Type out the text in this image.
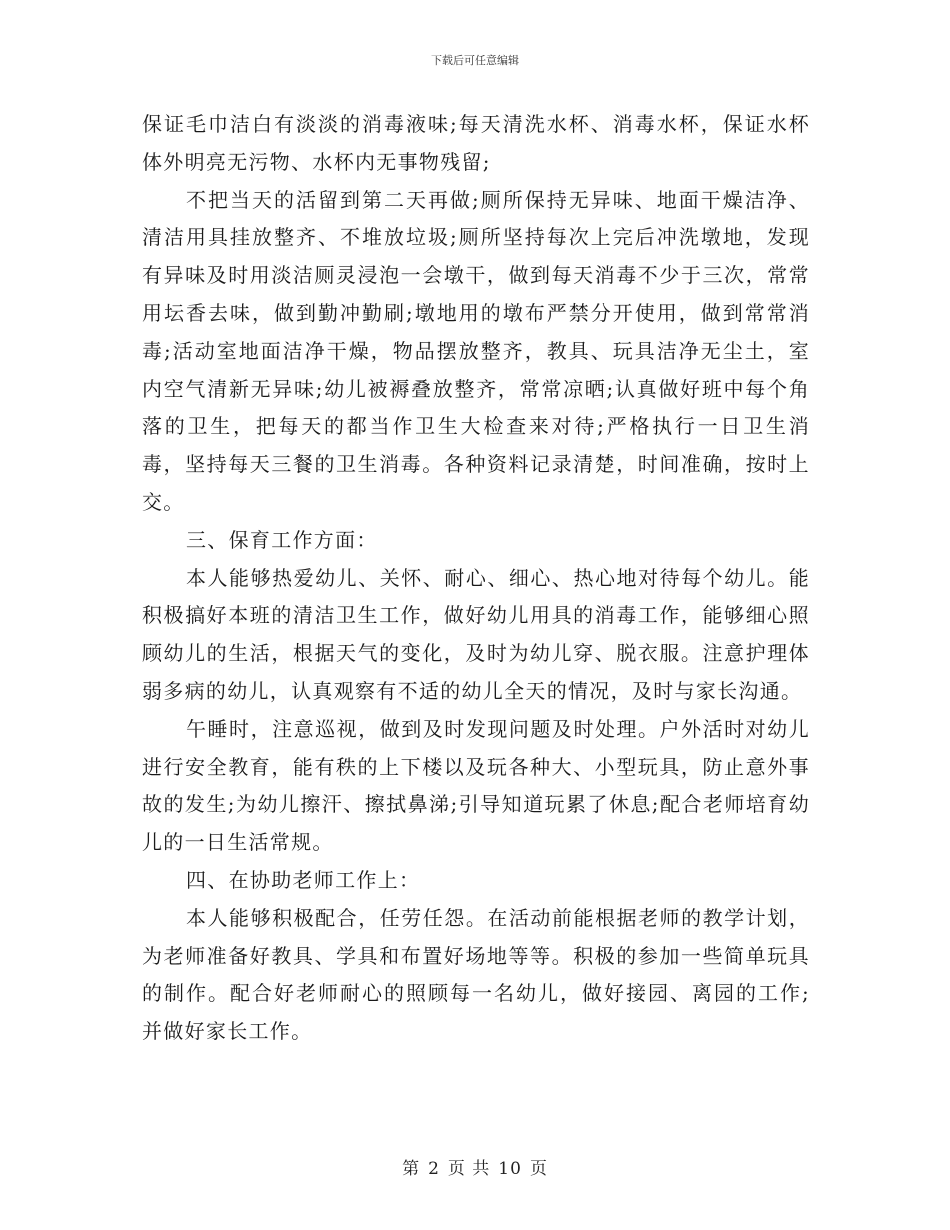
下载后可任意编辑

保证毛巾洁白有淡淡的消毒液味;每天清洗水杯、消毒水杯，保证水杯体外明亮无污物、水杯内无事物残留;

不把当天的活留到第二天再做;厕所保持无异味、地面干燥洁净、清洁用具挂放整齐、不堆放垃圾;厕所坚持每次上完后冲洗墩地，发现有异味及时用淡洁厕灵浸泡一会墩干，做到每天消毒不少于三次，常常用坛香去味，做到勤冲勤刷;墩地用的墩布严禁分开使用，做到常常消毒;活动室地面洁净干燥，物品摆放整齐，教具、玩具洁净无尘土，室内空气清新无异味;幼儿被褥叠放整齐，常常凉晒;认真做好班中每个角落的卫生，把每天的都当作卫生大检查来对待;严格执行一日卫生消毒，坚持每天三餐的卫生消毒。各种资料记录清楚，时间准确，按时上交。

三、保育工作方面：

本人能够热爱幼儿、关怀、耐心、细心、热心地对待每个幼儿。能积极搞好本班的清洁卫生工作，做好幼儿用具的消毒工作，能够细心照顾幼儿的生活，根据天气的变化，及时为幼儿穿、脱衣服。注意护理体弱多病的幼儿，认真观察有不适的幼儿全天的情况，及时与家长沟通。

午睡时，注意巡视，做到及时发现问题及时处理。户外活时对幼儿进行安全教育，能有秩的上下楼以及玩各种大、小型玩具，防止意外事故的发生;为幼儿擦汗、擦拭鼻涕;引导知道玩累了休息;配合老师培育幼儿的一日生活常规。

四、在协助老师工作上：

本人能够积极配合，任劳任怨。在活动前能根据老师的教学计划，为老师准备好教具、学具和布置好场地等等。积极的参加一些简单玩具的制作。配合好老师耐心的照顾每一名幼儿，做好接园、离园的工作;并做好家长工作。

第 2 页 共 10 页
